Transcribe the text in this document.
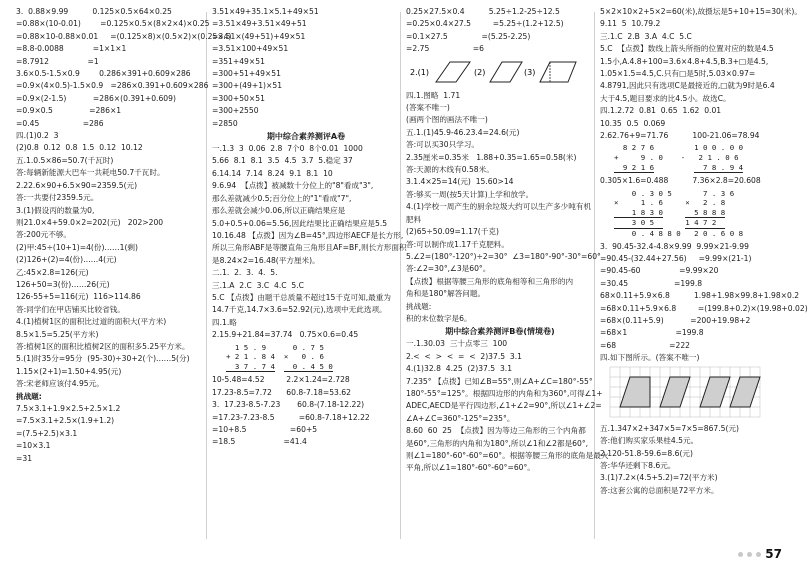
3.  0.88×9.99          0.125×0.5×64×0.25
=0.88×(10-0.01)        =0.125×0.5×(8×2×4)×0.25
=0.88×10-0.88×0.01     =(0.125×8)×(0.5×2)×(0.25×4)
=8.8-0.0088            =1×1×1
=8.7912                =1
3.6×0.5-1.5×0.9        0.286×391+0.609×286
=0.9×(4×0.5)-1.5×0.9   =286×0.391+0.609×286
=0.9×(2-1.5)           =286×(0.391+0.609)
=0.9×0.5               =286×1
=0.45                  =286
四.(1)0.2  3
(2)0.8  0.12  0.8  1.5  0.12  10.12
五.1.0.5×86=50.7(千瓦时)
答:每辆新能源大巴车一共耗电50.7千瓦时。
2.22.6×90+6.5×90=2359.5(元)
答:一共要付2359.5元。
3.(1)假设丙的数量为0,
则21.0×4+59.0×2=202(元)   202>200
答:200元不够。
(2)甲:45÷(10+1)=4(份)……1(剩)
(2)126+(2)=4(份)……4(元)
乙:45×2.8=126(元)
126+50=3(份)……26(元)
126-55+5=116(元)  116>114.86
答:同学们在甲店铺买比较省钱。
4.(1)植树1区的面积比过道的面积大(平方米)
8.5×1.5=5.25(平方米)
答:植树1区的面积比植树2区的面积多5.25平方米。
5.(1)时35分=95分  (95-30)÷30+2(个)……5(分)
1.15×(2+1)=1.50+4.95(元)
答:宋老师应该付4.95元。
挑战题:
7.5×3.1+1.9×2.5+2.5×1.2
=7.5×3.1+2.5×(1.9+1.2)
=(7.5+2.5)×3.1
=10×3.1
=31
3.51×49+35.1×5.1+49×51
=3.51×49+3.51×49+51
=3.51×(49+51)+49×51
=3.51×100+49×51
=351+49×51
=300+51+49×51
=300+(49+1)×51
=300+50×51
=300+2550
=2850
期中综合素养测评A卷
一.1.3  3  0.06  2.8  7个0  8个0.01  1000
5.66  8.1  8.1  3.5  4.5  3.7  5.稳定 37
6.14.14  7.14  8.24  9.1  8.1  10
9.6.94  【点拨】被减数十分位上的"8"看成"3",
那么差就减少0.5;百分位上的"1"看成"7",
那么差就会减少0.06,所以正确结果应是
5.0+0.5+0.06=5.56,因此结果比正确结果应是5.5
10.16.48 【点拨】因为∠B=45°,四边形AECF是长方形,
所以三角形ABF是等腰直角三角形且AF=BF,则长方形面积
是8.24×2=16.48(平方厘米)。
二.1.  2.  3.  4.  5.
三.1.A  2.C  3.C  4.C  5.C
5.C 【点拨】由题干总质量不超过15千克可知,最重为
14.7千克,14.7×3.6=52.92(元),选项中无此选项。
四.1.略
2.15.9+21.84=37.74   0.75×0.6=0.45
1 5 . 9      0 . 7 5
+ 2 1 . 8 4  ×   0 . 6
3 7 . 7 4    0 . 4 5 0
10-5.48=4.52         2.2×1.24=2.728
17.23-8.5=7.72      60.8-7.18=53.62
3.  17.23-8.5-7.23       60.8-(7.18-12.22)
=17.23-7.23-8.5          =60.8-7.18+12.22
=10+8.5                  =60+5
=18.5                    =41.4
0.25×27.5×0.4          5.25÷1.2-25÷12.5
=0.25×0.4×27.5         =5.25÷(1.2+12.5)
=0.1×27.5              =(5.25-2.25)
=2.75                  =6
2.(1)	(2)	(3)
四.1.图略  1.71
(答案不唯一)
(画两个图的画法不唯一)
五.1.(1)45.9-46.23.4=24.6(元)
答:可以买30只学习。
2.35厘米=0.35米   1.88+0.35=1.65=0.58(米)
答:天源的木线有0.58米。
3.1.4×25=14(元)  15.60>14
答:够买一周(按5天计算)上学和放学。
4.(1)学校一周产生的厨余垃圾大约可以生产多少吨有机
肥料
(2)65÷50.09=1.17(千克)
答:可以制作成1.17千克肥料。
5.∠2=(180°-120°)÷2=30°  ∠3=180°-90°-30°=60°
答:∠2=30°,∠3是60°。
【点拨】根据等腰三角形的底角相等和三角形的内
角和是180°解答问题。
挑战题:
积的末位数字是6。
期中综合素养测评B卷(情境卷)
一.1.30.03  三十点零三  100
2.<  <  >  <  =  <  2)37.5  3.1
4.(1)32.8  4.25  (2)37.5  3.1
7.235° 【点拨】已知∠B=55°,则∠A+∠C=180°-55°
180°-55°=125°。根据四边形的内角和为360°,可得∠1+
ADEC,AECD是平行四边形,∠1+∠2=90°,所以∠1+∠2=
∠A+∠C=360°-125°=235°。
8.60  60  25  【点拨】因为等边三角形的三个内角都
是60°,三角形的内角和为180°,所以∠1和∠2都是60°,
则∠1=180°-60°-60°=60°。根据等腰三角形的底角是最大
平角,所以∠1=180°-60°-60°=60°。
5×2×10×2+5×2=60(米),故摄坛是5+10+15=30(米)。
9.11  5  10.79.2
三.1.C  2.B  3.A  4.C  5.C
5.C  【点拨】数线上箭头所指的位置对应的数是4.5
1.5小,A.4.8+100=3.6×4.8+4.5,B.3+□是4.5,
1.05×1.5=4.5,C.只有□是5时,5.03×0.97=
4.8791,因此只有选项C是最接近的,□就为9时是6.4
大于4.5,题目要求的比4.5小。故选C。
四.1.2.72  0.81  0.65  1.62  0.01
10.35  0.5  0.069
2.62.76+9=71.76          100-21.06=78.94
8 2 7 6         1 0 0 . 0 0
+     9 . 0    -   2 1 . 0 6
9 2 1 6	7 8 . 9 4
0.305×1.6=0.488          7.36×2.8=20.608
0 . 3 0 5       7 . 3 6
×     1 . 6     ×   2 . 8
1 8 3 0	5 8 8 8
3 0 5	1 4 7 2
0 . 4 8 8 0   2 0 . 6 0 8
3.  90.45-32.4-4.8×9.99  9.99×21-9.99
=90.45-(32.44+27.56)     =9.99×(21-1)
=90.45-60                =9.99×20
=30.45                   =199.8
68×0.11+5.9×6.8          1.98+1.98×99.8+1.98×0.2
=68×0.11+5.9×6.8         =(199.8+0.2)×(19.98+0.02)
=68×(0.11+5.9)           =200+19.98+2
=68×1                    =199.8
=68                      =222
四.如下图所示。(答案不唯一)
五.1.347×2+347×5=7×5=867.5(元)
答:他们购买家乐果桂4.5元。
2.120-51.8-59.6=8.6(元)
答:华华还剩下8.6元。
3.(1)7.2×(4.5+5.2)=72(平方米)
答:这套公寓的总面积是72平方米。
57
